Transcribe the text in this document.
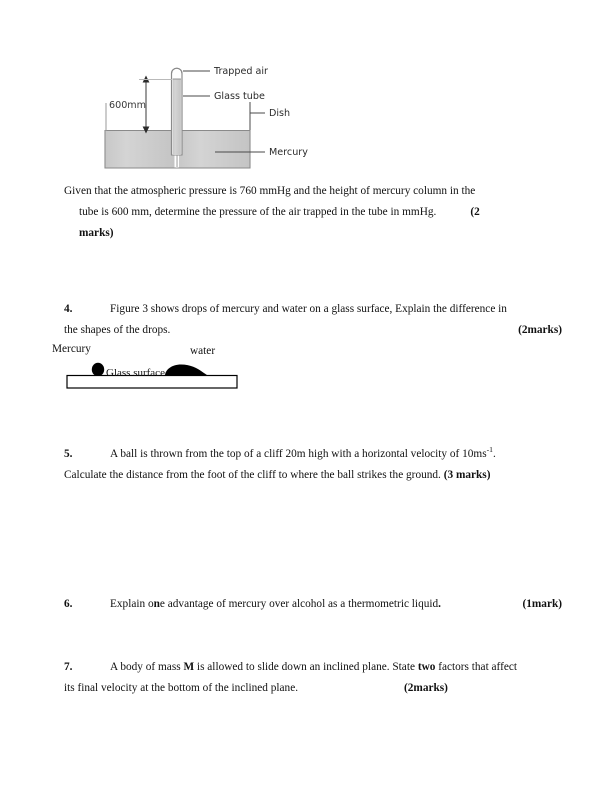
600mm
Trapped air
Glass tube
Dish
Mercury
Given that the atmospheric pressure is 760 mmHg and the height of mercury column in the
tube is 600 mm, determine the pressure of the air trapped in the tube in mmHg.	(2
marks)
4.	Figure 3 shows drops of mercury and water on a glass surface, Explain the difference in
the shapes of the drops.	(2marks)
Mercury	water
Glass surface
5.	A ball is thrown from the top of a cliff 20m high with a horizontal velocity of $10ms^{-1}$.
Calculate the distance from the foot of the cliff to where the ball strikes the ground. (3 marks)
6.	Explain one advantage of mercury over alcohol as a thermometric liquid.	(1mark)
7.	A body of mass M is allowed to slide down an inclined plane. State two factors that affect
its final velocity at the bottom of the inclined plane.	(2marks)
